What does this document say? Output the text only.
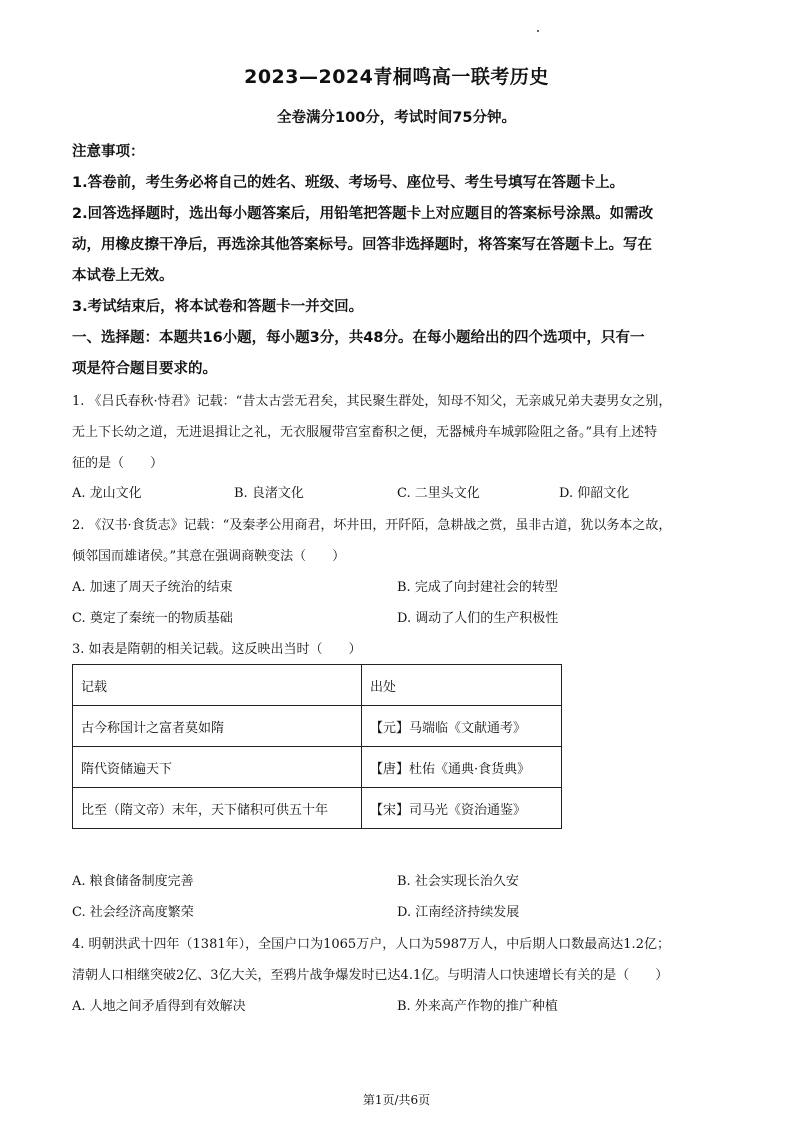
2023—2024青桐鸣高一联考历史
全卷满分100分，考试时间75分钟。
注意事项：
1.答卷前，考生务必将自己的姓名、班级、考场号、座位号、考生号填写在答题卡上。
2.回答选择题时，选出每小题答案后，用铅笔把答题卡上对应题目的答案标号涂黑。如需改
动，用橡皮擦干净后，再选涂其他答案标号。回答非选择题时，将答案写在答题卡上。写在
本试卷上无效。
3.考试结束后，将本试卷和答题卡一并交回。
一、选择题：本题共16小题，每小题3分，共48分。在每小题给出的四个选项中，只有一
项是符合题目要求的。
1. 《吕氏春秋·恃君》记载：“昔太古尝无君矣，其民聚生群处，知母不知父，无亲戚兄弟夫妻男女之别，
无上下长幼之道，无进退揖让之礼，无衣服履带宫室畜积之便，无器械舟车城郭险阻之备。”具有上述特
征的是（　　）
A. 龙山文化	B. 良渚文化	C. 二里头文化	D. 仰韶文化
2. 《汉书·食货志》记载：“及秦孝公用商君，坏井田，开阡陌，急耕战之赏，虽非古道，犹以务本之故，
倾邻国而雄诸侯。”其意在强调商鞅变法（　　）
A. 加速了周天子统治的结束	B. 完成了向封建社会的转型
C. 奠定了秦统一的物质基础	D. 调动了人们的生产积极性
3. 如表是隋朝的相关记载。这反映出当时（　　）
记载	出处
古今称国计之富者莫如隋	【元】马端临《文献通考》
隋代资储遍天下	【唐】杜佑《通典·食货典》
比至（隋文帝）末年，天下储积可供五十年	【宋】司马光《资治通鉴》
A. 粮食储备制度完善	B. 社会实现长治久安
C. 社会经济高度繁荣	D. 江南经济持续发展
4. 明朝洪武十四年（1381年），全国户口为1065万户，人口为5987万人，中后期人口数最高达1.2亿；
清朝人口相继突破2亿、3亿大关，至鸦片战争爆发时已达4.1亿。与明清人口快速增长有关的是（　　）
A. 人地之间矛盾得到有效解决	B. 外来高产作物的推广种植
第1页/共6页
